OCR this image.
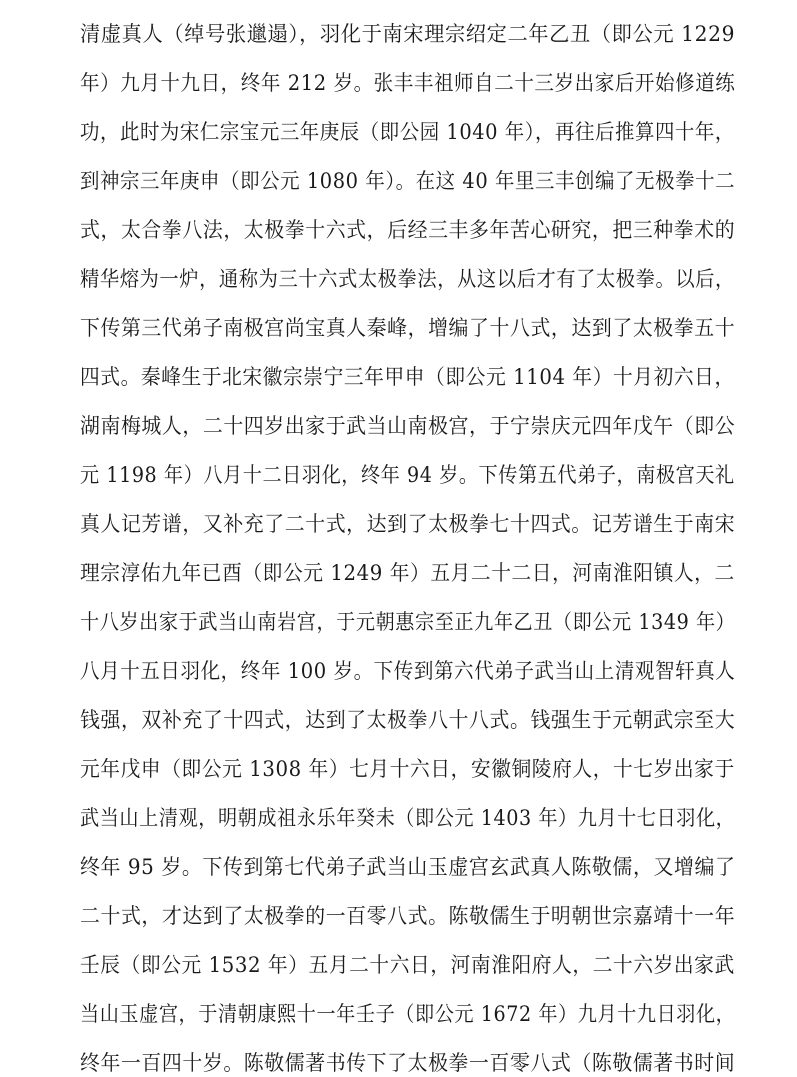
清虚真人（绰号张邋遢），羽化于南宋理宗绍定二年乙丑（即公元 1229
年）九月十九日，终年 212 岁。张丰丰祖师自二十三岁出家后开始修道练
功，此时为宋仁宗宝元三年庚辰（即公园 1040 年），再往后推算四十年，
到神宗三年庚申（即公元 1080 年）。在这 40 年里三丰创编了无极拳十二
式，太合拳八法，太极拳十六式，后经三丰多年苦心研究，把三种拳术的
精华熔为一炉，通称为三十六式太极拳法，从这以后才有了太极拳。以后，
下传第三代弟子南极宫尚宝真人秦峰，增编了十八式，达到了太极拳五十
四式。秦峰生于北宋徽宗崇宁三年甲申（即公元 1104 年）十月初六日，
湖南梅城人，二十四岁出家于武当山南极宫，于宁崇庆元四年戊午（即公
元 1198 年）八月十二日羽化，终年 94 岁。下传第五代弟子，南极宫天礼
真人记芳谱，又补充了二十式，达到了太极拳七十四式。记芳谱生于南宋
理宗淳佑九年已酉（即公元 1249 年）五月二十二日，河南淮阳镇人，二
十八岁出家于武当山南岩宫，于元朝惠宗至正九年乙丑（即公元 1349 年）
八月十五日羽化，终年 100 岁。下传到第六代弟子武当山上清观智轩真人
钱强，双补充了十四式，达到了太极拳八十八式。钱强生于元朝武宗至大
元年戊申（即公元 1308 年）七月十六日，安徽铜陵府人，十七岁出家于
武当山上清观，明朝成祖永乐年癸未（即公元 1403 年）九月十七日羽化，
终年 95 岁。下传到第七代弟子武当山玉虚宫玄武真人陈敬儒，又增编了
二十式，才达到了太极拳的一百零八式。陈敬儒生于明朝世宗嘉靖十一年
壬辰（即公元 1532 年）五月二十六日，河南淮阳府人，二十六岁出家武
当山玉虚宫，于清朝康熙十一年壬子（即公元 1672 年）九月十九日羽化，
终年一百四十岁。陈敬儒著书传下了太极拳一百零八式（陈敬儒著书时间
